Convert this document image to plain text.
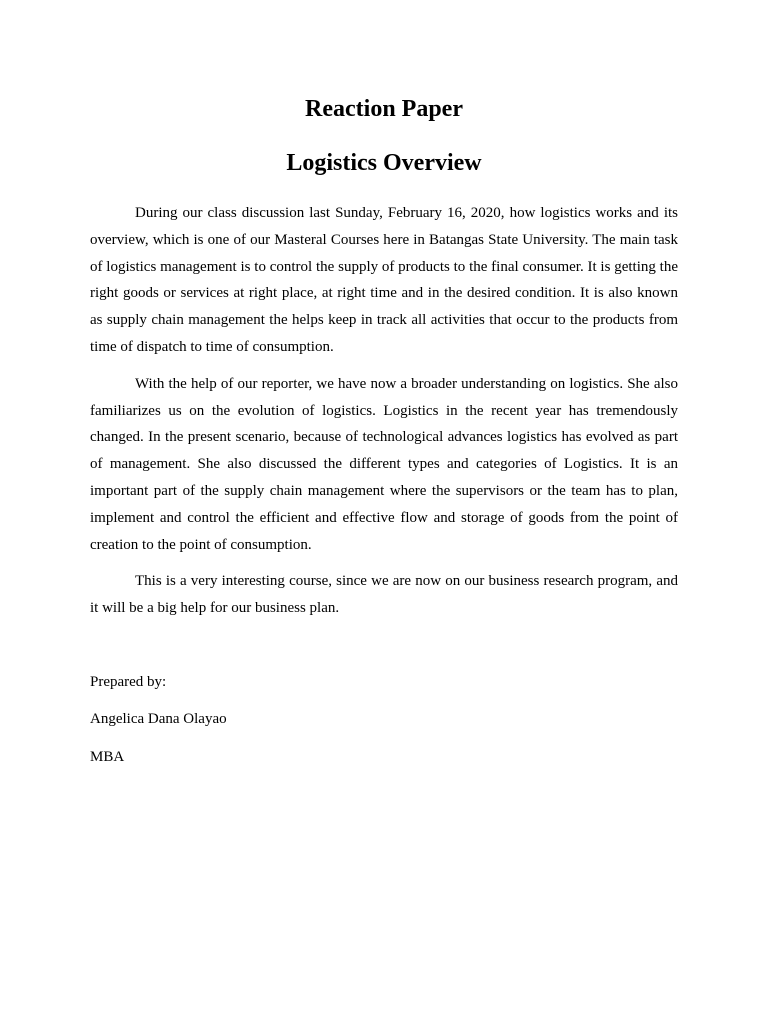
Reaction Paper
Logistics Overview

During our class discussion last Sunday, February 16, 2020, how logistics works and its overview, which is one of our Masteral Courses here in Batangas State University. The main task of logistics management is to control the supply of products to the final consumer. It is getting the right goods or services at right place, at right time and in the desired condition. It is also known as supply chain management the helps keep in track all activities that occur to the products from time of dispatch to time of consumption.

With the help of our reporter, we have now a broader understanding on logistics. She also familiarizes us on the evolution of logistics. Logistics in the recent year has tremendously changed. In the present scenario, because of technological advances logistics has evolved as part of management. She also discussed the different types and categories of Logistics. It is an important part of the supply chain management where the supervisors or the team has to plan, implement and control the efficient and effective flow and storage of goods from the point of creation to the point of consumption.

This is a very interesting course, since we are now on our business research program, and it will be a big help for our business plan.

Prepared by:

Angelica Dana Olayao

MBA
